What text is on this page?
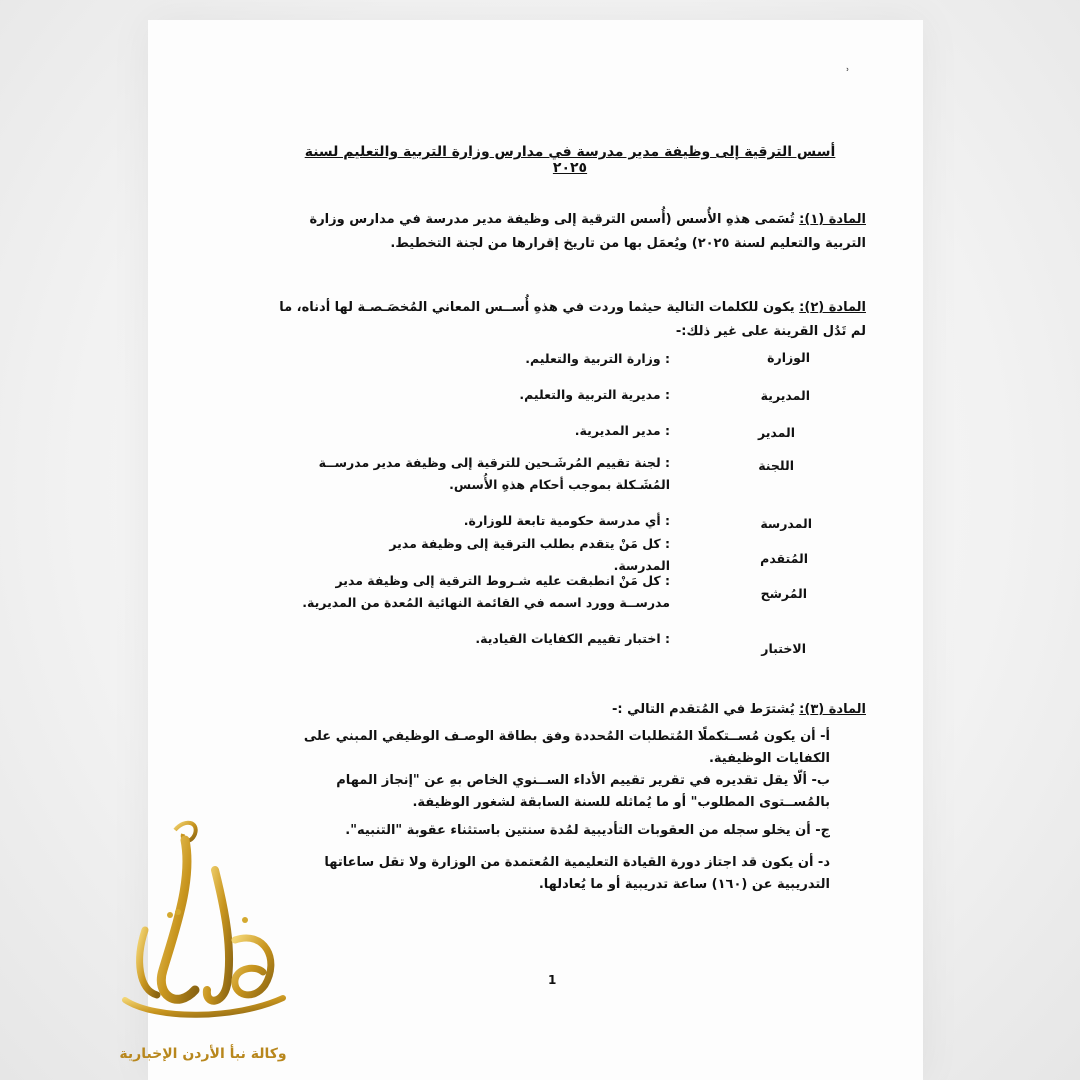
ʾ
أسس الترقية إلى وظيفة مدير مدرسة في مدارس وزارة التربية والتعليم لسنة ٢٠٢٥
المادة (١): تُسَمى هذهِ الأُسس (أُسس الترقية إلى وظيفة مدير مدرسة في مدارس وزارة التربية والتعليم لسنة ٢٠٢٥) ويُعمَل بها من تاريخ إقرارها من لجنة التخطيط.
المادة (٢): يكون للكلمات التالية حيثما وردت في هذهِ أُســس المعاني المُخصَـصـة لها أدناه، ما لم تَدُل القرينة على غير ذلك:-
الوزارة
: وزارة التربية والتعليم.
المديرية
: مديرية التربية والتعليم.
المدير
: مدير المديرية.
اللجنة
: لجنة تقييم المُرشَـحين للترقية إلى وظيفة مدير مدرســة المُشَـكلة بموجب أحكام هذهِ الأُسس.
المدرسة
: أي مدرسة حكومية تابعة للوزارة.
المُتقدم
: كل مَنْ يتقدم بطلب الترقية إلى وظيفة مدير المدرسة.
المُرشح
: كل مَنْ انطبقت عليه شـروط الترقية إلى وظيفة مدير مدرســة وورد اسمه في القائمة النهائية المُعدة من المديرية.
الاختبار
: اختبار تقييم الكفايات القيادية.
المادة (٣): يُشترَط في المُتقدم التالي :-
أ- أن يكون مُســتكملًا المُتطلبات المُحددة وفق بطاقة الوصـف الوظيفي المبني على الكفايات الوظيفية.
ب- ألّا يقل تقديره في تقرير تقييم الأداء الســنوي الخاص بهِ عن "إنجاز المهام بالمُســتوى المطلوب" أو ما يُماثله للسنة السابقة لشغور الوظيفة.
ج- أن يخلو سجله من العقوبات التأديبية لمُدة سنتين باستثناء عقوبة "التنبيه".
د- أن يكون قد اجتاز دورة القيادة التعليمية المُعتمدة من الوزارة ولا تقل ساعاتها التدريبية عن (١٦٠) ساعة تدريبية أو ما يُعادلها.
1
وكالة نبأ الأردن الإخبارية
